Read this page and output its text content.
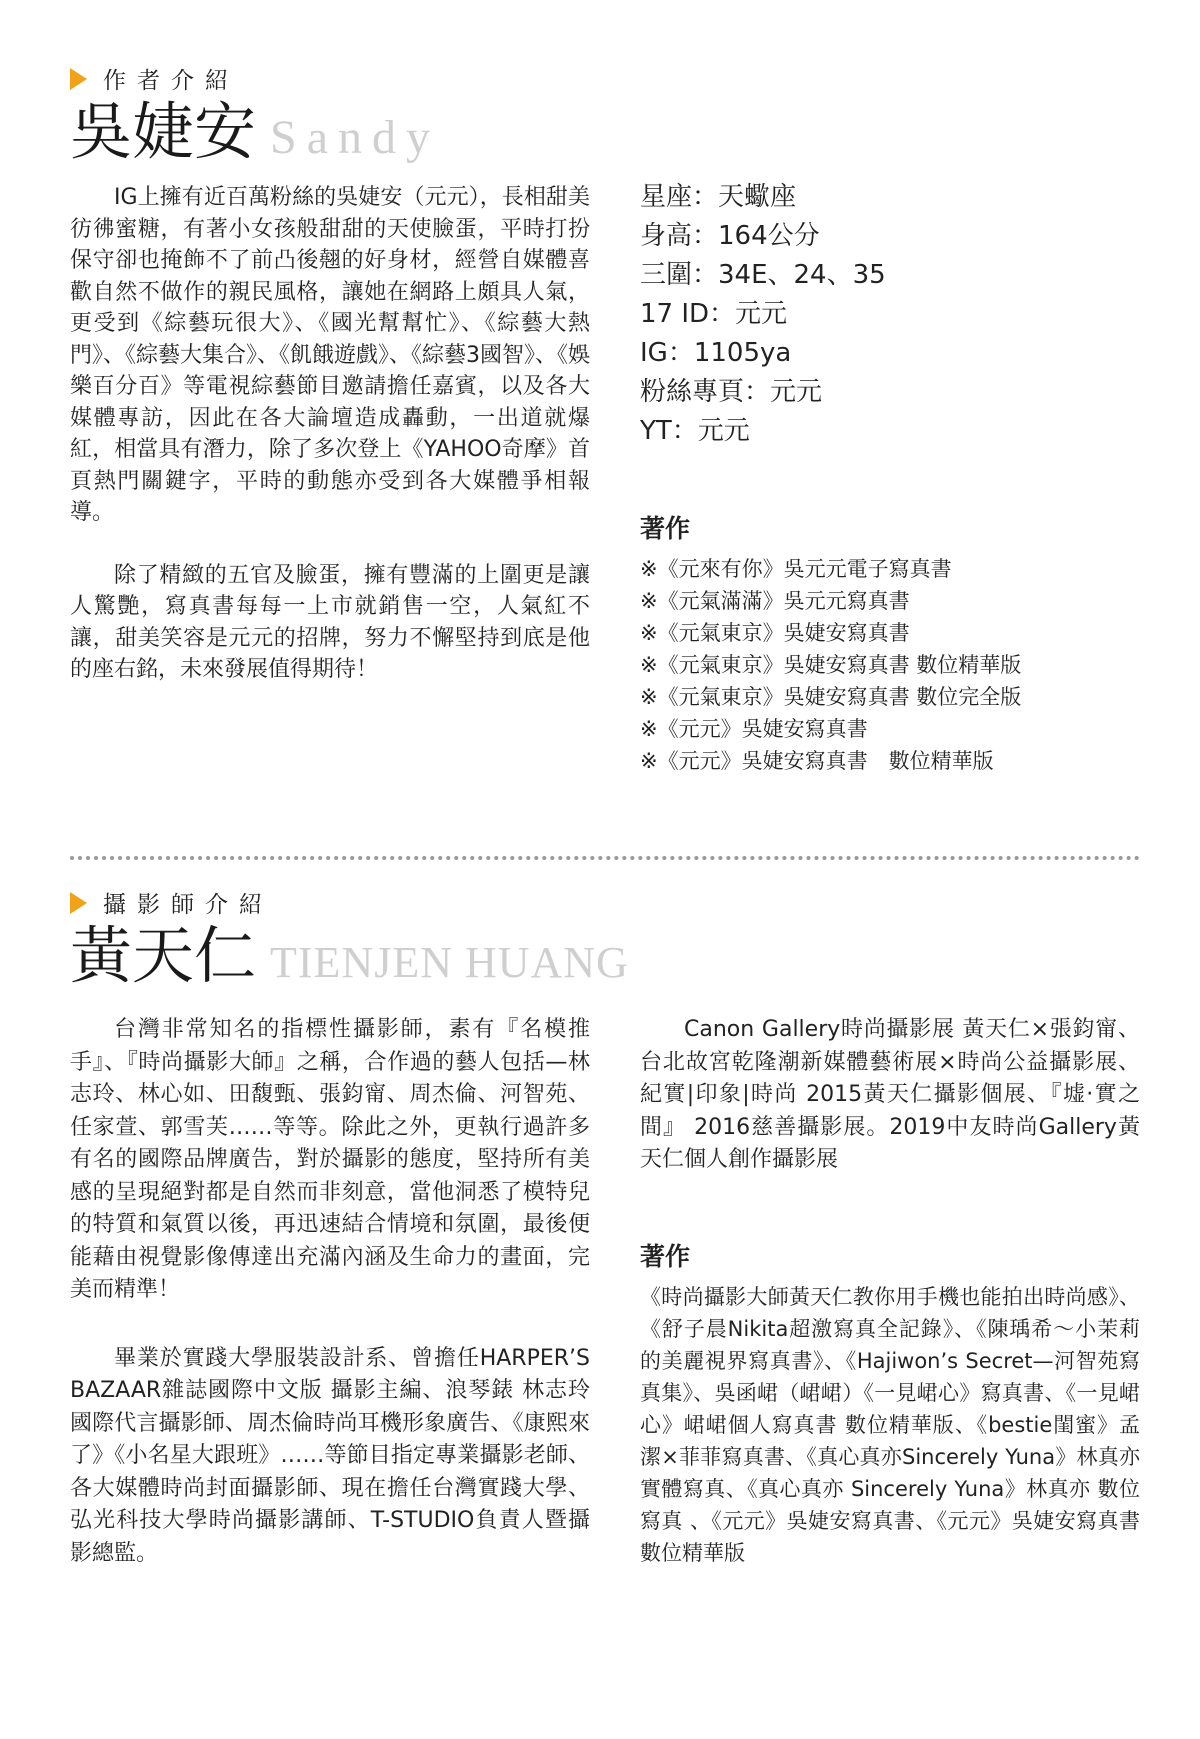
作者介紹
吳婕安 Sandy

IG上擁有近百萬粉絲的吳婕安（元元），長相甜美彷彿蜜糖，有著小女孩般甜甜的天使臉蛋，平時打扮保守卻也掩飾不了前凸後翹的好身材，經營自媒體喜歡自然不做作的親民風格，讓她在網路上頗具人氣，更受到《綜藝玩很大》、《國光幫幫忙》、《綜藝大熱門》、《綜藝大集合》、《飢餓遊戲》、《綜藝3國智》、《娛樂百分百》等電視綜藝節目邀請擔任嘉賓，以及各大媒體專訪，因此在各大論壇造成轟動，一出道就爆紅，相當具有潛力，除了多次登上《YAHOO奇摩》首頁熱門關鍵字，平時的動態亦受到各大媒體爭相報導。

除了精緻的五官及臉蛋，擁有豐滿的上圍更是讓人驚艷，寫真書每每一上市就銷售一空，人氣紅不讓，甜美笑容是元元的招牌，努力不懈堅持到底是他的座右銘，未來發展值得期待！

星座：天蠍座

身高：164公分

三圍：34E、24、35

17 ID：元元

IG：1105ya

粉絲專頁：元元

YT：元元

著作

※《元來有你》吳元元電子寫真書

※《元氣滿滿》吳元元寫真書

※《元氣東京》吳婕安寫真書

※《元氣東京》吳婕安寫真書 數位精華版

※《元氣東京》吳婕安寫真書 數位完全版

※《元元》吳婕安寫真書

※《元元》吳婕安寫真書　數位精華版

攝影師介紹
黃天仁 TIENJEN HUANG

台灣非常知名的指標性攝影師，素有『名模推手』、『時尚攝影大師』之稱，合作過的藝人包括—林志玲、林心如、田馥甄、張鈞甯、周杰倫、河智苑、任家萱、郭雪芙……等等。除此之外，更執行過許多有名的國際品牌廣告，對於攝影的態度，堅持所有美感的呈現絕對都是自然而非刻意，當他洞悉了模特兒的特質和氣質以後，再迅速結合情境和氛圍，最後便能藉由視覺影像傳達出充滿內涵及生命力的畫面，完美而精準！

畢業於實踐大學服裝設計系、曾擔任HARPER’S BAZAAR雜誌國際中文版 攝影主編、浪琴錶 林志玲國際代言攝影師、周杰倫時尚耳機形象廣告、《康熙來了》《小名星大跟班》……等節目指定專業攝影老師、各大媒體時尚封面攝影師、現在擔任台灣實踐大學、弘光科技大學時尚攝影講師、T-STUDIO負責人暨攝影總監。

Canon Gallery時尚攝影展 黃天仁×張鈞甯、台北故宮乾隆潮新媒體藝術展×時尚公益攝影展、紀實|印象|時尚 2015黃天仁攝影個展、『墟·實之間』 2016慈善攝影展。2019中友時尚Gallery黃天仁個人創作攝影展

著作

《時尚攝影大師黃天仁教你用手機也能拍出時尚感》、《舒子晨Nikita超激寫真全記錄》、《陳瑀希～小茉莉的美麗視界寫真書》、《Hajiwon’s Secret—河智苑寫真集》、吳函峮（峮峮）《一見峮心》寫真書、《一見峮心》峮峮個人寫真書 數位精華版、《bestie閨蜜》孟潔×菲菲寫真書、《真心真亦Sincerely Yuna》林真亦實體寫真、《真心真亦 Sincerely Yuna》林真亦 數位寫真 、《元元》吳婕安寫真書、《元元》吳婕安寫真書 數位精華版
